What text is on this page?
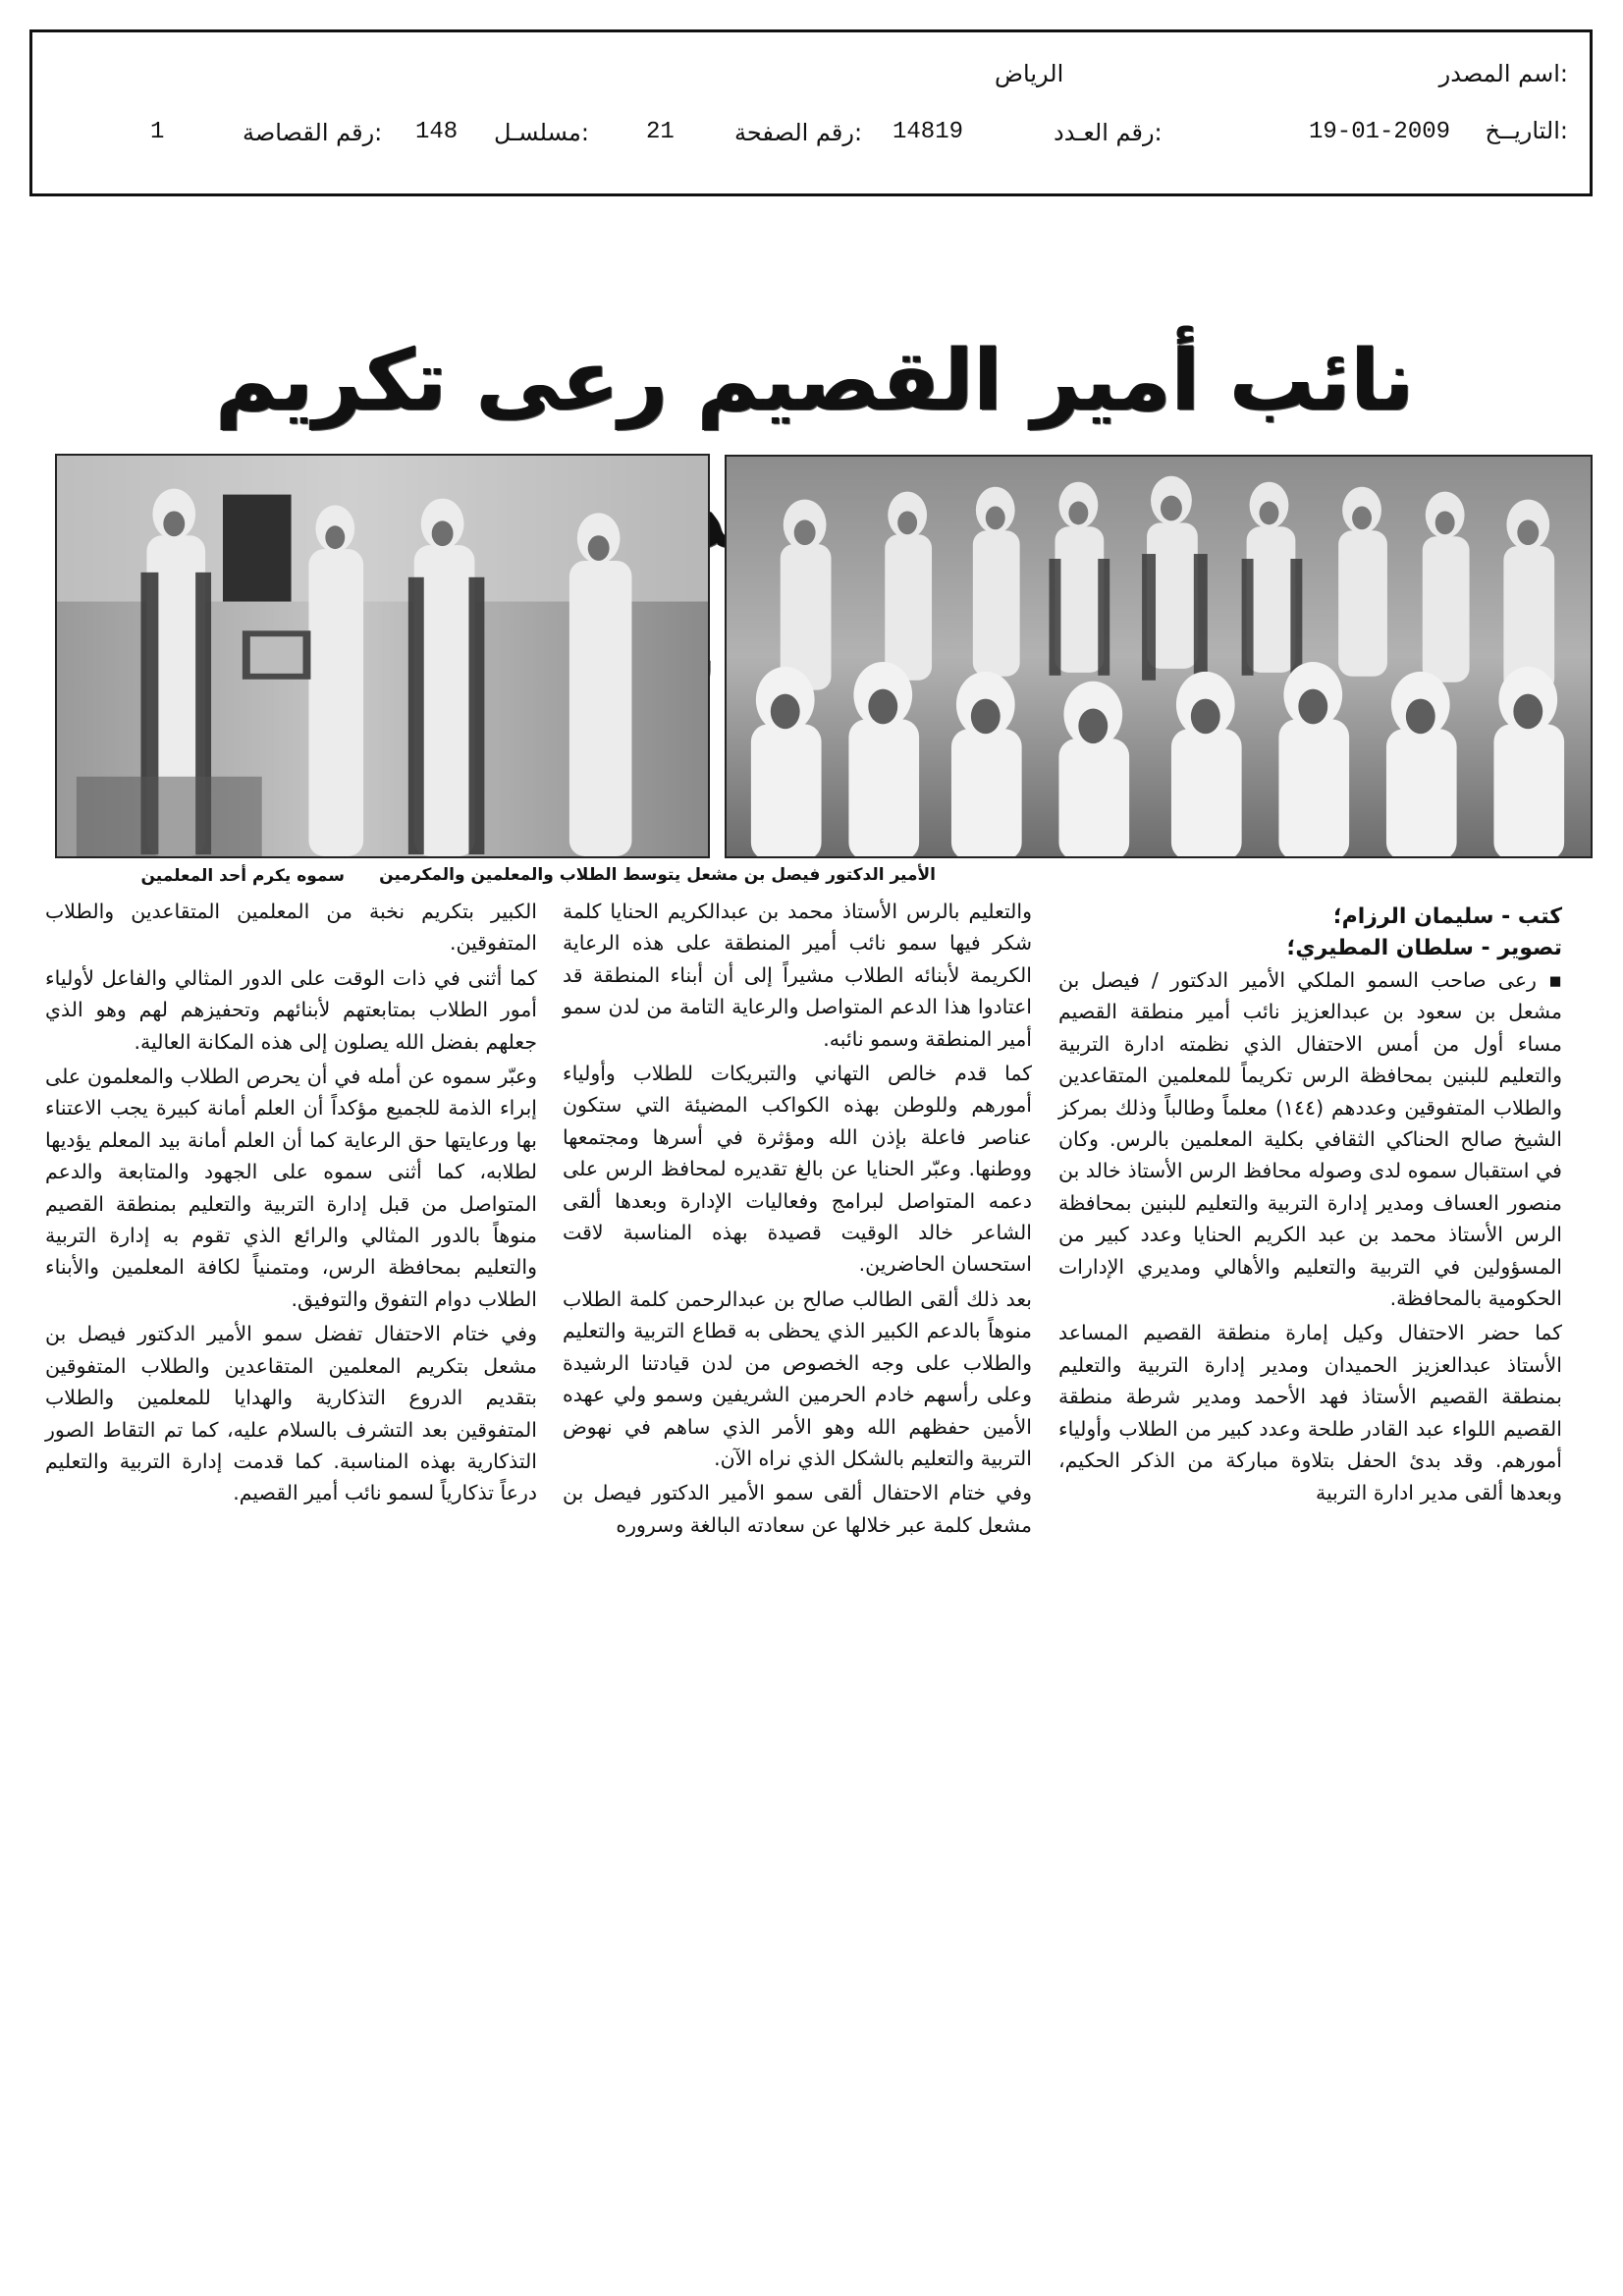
اسم المصدر:
الرياض
التاريــخ:
19-01-2009
رقم العـدد:
14819
رقم الصفحة:
21
مسلسـل:
148
رقم القصاصة:
1
نائب أمير القصيم رعى تكريم
الأمير الدكتور فيصل بن مشعل يتوسط الطلاب والمعلمين والمكرمين
سموه يكرم أحد المعلمين
كتب - سليمان الرزام؛
تصوير - سلطان المطيري؛

▪ رعى صاحب السمو الملكي الأمير الدكتور / فيصل بن مشعل بن سعود بن عبدالعزيز نائب أمير منطقة القصيم مساء أول من أمس الاحتفال الذي نظمته ادارة التربية والتعليم للبنين بمحافظة الرس تكريماً للمعلمين المتقاعدين والطلاب المتفوقين وعددهم (١٤٤) معلماً وطالباً وذلك بمركز الشيخ صالح الحناكي الثقافي بكلية المعلمين بالرس. وكان في استقبال سموه لدى وصوله محافظ الرس الأستاذ خالد بن منصور العساف ومدير إدارة التربية والتعليم للبنين بمحافظة الرس الأستاذ محمد بن عبد الكريم الحنايا وعدد كبير من المسؤولين في التربية والتعليم والأهالي ومديري الإدارات الحكومية بالمحافظة.

كما حضر الاحتفال وكيل إمارة منطقة القصيم المساعد الأستاذ عبدالعزيز الحميدان ومدير إدارة التربية والتعليم بمنطقة القصيم الأستاذ فهد الأحمد ومدير شرطة منطقة القصيم اللواء عبد القادر طلحة وعدد كبير من الطلاب وأولياء أمورهم. وقد بدئ الحفل بتلاوة مباركة من الذكر الحكيم، وبعدها ألقى مدير ادارة التربية

والتعليم بالرس الأستاذ محمد بن عبدالكريم الحنايا كلمة شكر فيها سمو نائب أمير المنطقة على هذه الرعاية الكريمة لأبنائه الطلاب مشيراً إلى أن أبناء المنطقة قد اعتادوا هذا الدعم المتواصل والرعاية التامة من لدن سمو أمير المنطقة وسمو نائبه.

كما قدم خالص التهاني والتبريكات للطلاب وأولياء أمورهم وللوطن بهذه الكواكب المضيئة التي ستكون عناصر فاعلة بإذن الله ومؤثرة في أسرها ومجتمعها ووطنها. وعبّر الحنايا عن بالغ تقديره لمحافظ الرس على دعمه المتواصل لبرامج وفعاليات الإدارة وبعدها ألقى الشاعر خالد الوقيت قصيدة بهذه المناسبة لاقت استحسان الحاضرين.

بعد ذلك ألقى الطالب صالح بن عبدالرحمن كلمة الطلاب منوهاً بالدعم الكبير الذي يحظى به قطاع التربية والتعليم والطلاب على وجه الخصوص من لدن قيادتنا الرشيدة وعلى رأسهم خادم الحرمين الشريفين وسمو ولي عهده الأمين حفظهم الله وهو الأمر الذي ساهم في نهوض التربية والتعليم بالشكل الذي نراه الآن.

وفي ختام الاحتفال ألقى سمو الأمير الدكتور فيصل بن مشعل كلمة عبر خلالها عن سعادته البالغة وسروره

الكبير بتكريم نخبة من المعلمين المتقاعدين والطلاب المتفوقين.

كما أثنى في ذات الوقت على الدور المثالي والفاعل لأولياء أمور الطلاب بمتابعتهم لأبنائهم وتحفيزهم لهم وهو الذي جعلهم بفضل الله يصلون إلى هذه المكانة العالية.

وعبّر سموه عن أمله في أن يحرص الطلاب والمعلمون على إبراء الذمة للجميع مؤكداً أن العلم أمانة كبيرة يجب الاعتناء بها ورعايتها حق الرعاية كما أن العلم أمانة بيد المعلم يؤديها لطلابه، كما أثنى سموه على الجهود والمتابعة والدعم المتواصل من قبل إدارة التربية والتعليم بمنطقة القصيم منوهاً بالدور المثالي والرائع الذي تقوم به إدارة التربية والتعليم بمحافظة الرس، ومتمنياً لكافة المعلمين والأبناء الطلاب دوام التفوق والتوفيق.

وفي ختام الاحتفال تفضل سمو الأمير الدكتور فيصل بن مشعل بتكريم المعلمين المتقاعدين والطلاب المتفوقين بتقديم الدروع التذكارية والهدايا للمعلمين والطلاب المتفوقين بعد التشرف بالسلام عليه، كما تم التقاط الصور التذكارية بهذه المناسبة. كما قدمت إدارة التربية والتعليم درعاً تذكارياً لسمو نائب أمير القصيم.
